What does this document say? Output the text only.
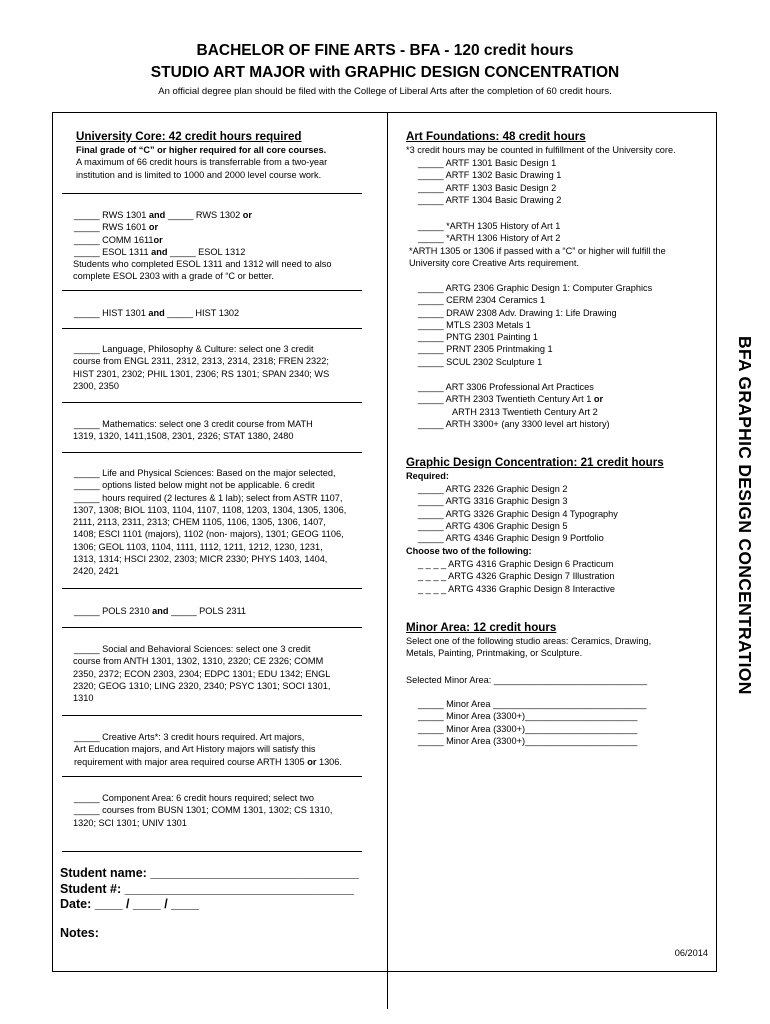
BACHELOR OF FINE ARTS - BFA - 120 credit hours
STUDIO ART MAJOR with GRAPHIC DESIGN CONCENTRATION
An official degree plan should be filed with the College of Liberal Arts after the completion of 60 credit hours.
BFA GRAPHIC DESIGN CONCENTRATION
University Core: 42 credit hours required
Final grade of “C” or higher required for all core courses.
A maximum of 66 credit hours is transferrable from a two-year
institution and is limited to 1000 and 2000 level course work.
_____ RWS 1301 and _____ RWS 1302 or
_____ RWS 1601 or
_____ COMM 1611or
_____ ESOL 1311 and _____ ESOL 1312
Students who completed ESOL 1311 and 1312 will need to also
complete ESOL 2303 with a grade of “C or better.
_____ HIST 1301 and _____ HIST 1302
_____ Language, Philosophy & Culture: select one 3 credit
course from ENGL 2311, 2312, 2313, 2314, 2318; FREN 2322;
HIST 2301, 2302; PHIL 1301, 2306; RS 1301; SPAN 2340; WS
2300, 2350
_____ Mathematics: select one 3 credit course from MATH
1319, 1320, 1411,1508, 2301, 2326; STAT 1380, 2480
_____ Life and Physical Sciences: Based on the major selected,
_____ options listed below might not be applicable. 6 credit
_____ hours required (2 lectures & 1 lab); select from ASTR 1107,
1307, 1308; BIOL 1103, 1104, 1107, 1108, 1203, 1304, 1305, 1306,
2111, 2113, 2311, 2313; CHEM 1105, 1106, 1305, 1306, 1407,
1408; ESCI 1101 (majors), 1102 (non- majors), 1301; GEOG 1106,
1306; GEOL 1103, 1104, 1111, 1112, 1211, 1212, 1230, 1231,
1313, 1314; HSCI 2302, 2303; MICR 2330; PHYS 1403, 1404,
2420, 2421
_____ POLS 2310 and _____ POLS 2311
_____ Social and Behavioral Sciences: select one 3 credit
course from ANTH 1301, 1302, 1310, 2320; CE 2326; COMM
2350, 2372; ECON 2303, 2304; EDPC 1301; EDU 1342; ENGL
2320; GEOG 1310; LING 2320, 2340; PSYC 1301; SOCI 1301,
1310
_____ Creative Arts*: 3 credit hours required. Art majors,
Art Education majors, and Art History majors will satisfy this
requirement with major area required course ARTH 1305 or 1306.
_____ Component Area: 6 credit hours required; select two
_____ courses from BUSN 1301; COMM 1301, 1302; CS 1310,
1320; SCI 1301; UNIV 1301
Student name: ______________________________
Student #: _________________________________
Date: ____ / ____ / ____
Notes:
Art Foundations: 48 credit hours
*3 credit hours may be counted in fulfillment of the University core.
_____ ARTF 1301 Basic Design 1
_____ ARTF 1302 Basic Drawing 1
_____ ARTF 1303 Basic Design 2
_____ ARTF 1304 Basic Drawing 2
_____ *ARTH 1305 History of Art 1
_____ *ARTH 1306 History of Art 2
*ARTH 1305 or 1306 if passed with a “C” or higher will fulfill the
University core Creative Arts requirement.
_____ ARTG 2306 Graphic Design 1: Computer Graphics
_____ CERM 2304 Ceramics 1
_____ DRAW 2308 Adv. Drawing 1: Life Drawing
_____ MTLS 2303 Metals 1
_____ PNTG 2301 Painting 1
_____ PRNT 2305 Printmaking 1
_____ SCUL 2302 Sculpture 1
_____ ART 3306 Professional Art Practices
_____ ARTH 2303 Twentieth Century Art 1 or
ARTH 2313 Twentieth Century Art 2
_____ ARTH 3300+ (any 3300 level art history)
Graphic Design Concentration: 21 credit hours
Required:
_____ ARTG 2326 Graphic Design 2
_____ ARTG 3316 Graphic Design 3
_____ ARTG 3326 Graphic Design 4 Typography
_____ ARTG 4306 Graphic Design 5
_____ ARTG 4346 Graphic Design 9 Portfolio
Choose two of the following:
_ _ _ _ ARTG 4316 Graphic Design 6 Practicum
_ _ _ _ ARTG 4326 Graphic Design 7 Illustration
_ _ _ _ ARTG 4336 Graphic Design 8 Interactive
Minor Area: 12 credit hours
Select one of the following studio areas: Ceramics, Drawing,
Metals, Painting, Printmaking, or Sculpture.
Selected Minor Area: ______________________________
_____ Minor Area ______________________________
_____ Minor Area (3300+)______________________
_____ Minor Area (3300+)______________________
_____ Minor Area (3300+)______________________
06/2014
